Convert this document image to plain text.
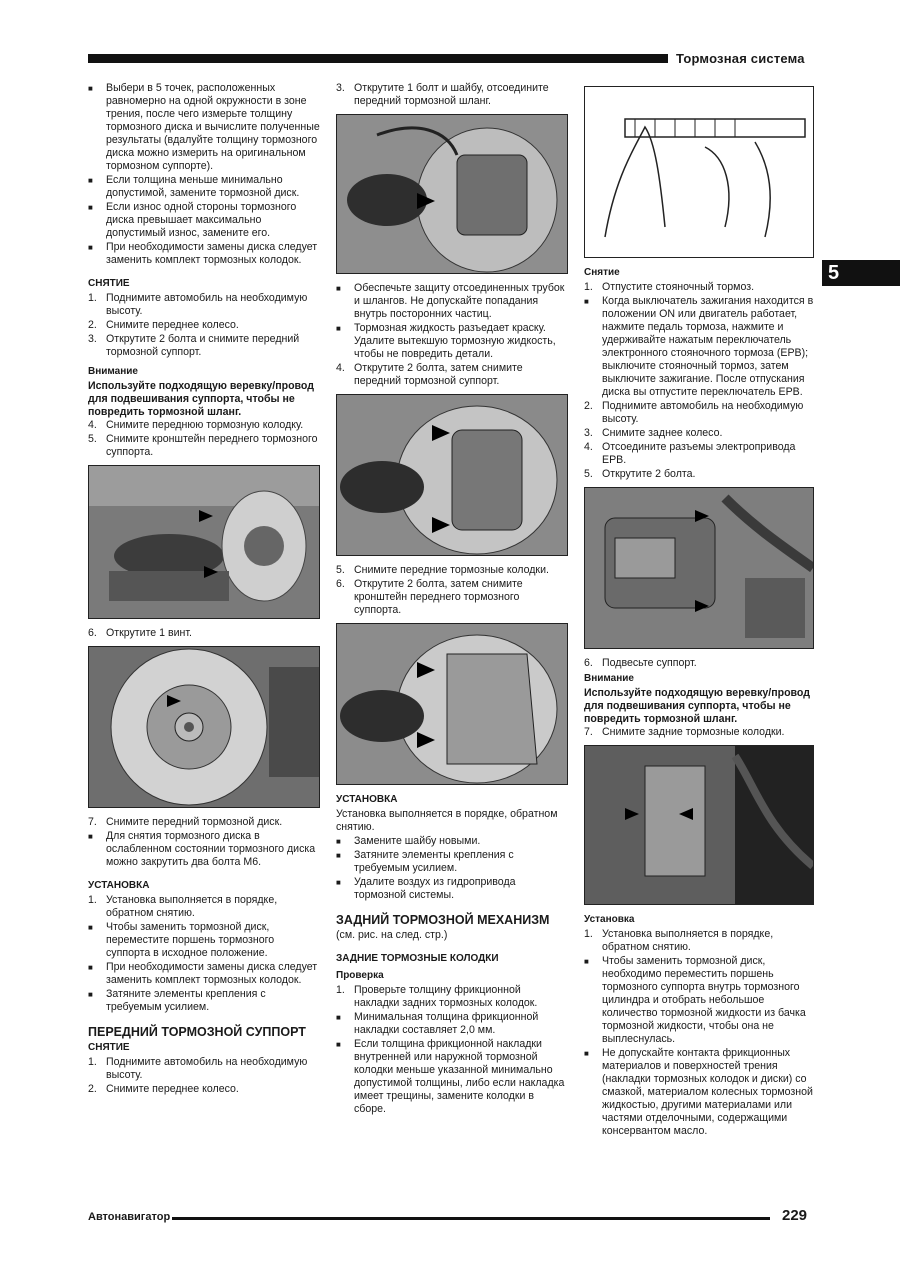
Тормозная система
5
■ Выбери в 5 точек, расположенных равномерно на одной окружности в зоне трения, после чего измерьте толщину тормозного диска и вычислите полученные результаты (вдалуйте толщину тормозного диска можно измерить на оригинальном тормозном суппорте).
■ Если толщина меньше минимально допустимой, замените тормозной диск.
■ Если износ одной стороны тормозного диска превышает максимально допустимый износ, замените его.
■ При необходимости замены диска следует заменить комплект тормозных колодок.
СНЯТИЕ
1. Поднимите автомобиль на необходимую высоту.
2. Снимите переднее колесо.
3. Открутите 2 болта и снимите передний тормозной суппорт.
Внимание
Используйте подходящую веревку/провод для подвешивания суппорта, чтобы не повредить тормозной шланг.
4. Снимите переднюю тормозную колодку.
5. Снимите кронштейн переднего тормозного суппорта.
6. Открутите 1 винт.
7. Снимите передний тормозной диск.
■ Для снятия тормозного диска в ослабленном состоянии тормозного диска можно закрутить два болта М6.
УСТАНОВКА
1. Установка выполняется в порядке, обратном снятию.
■ Чтобы заменить тормозной диск, переместите поршень тормозного суппорта в исходное положение.
■ При необходимости замены диска следует заменить комплект тормозных колодок.
■ Затяните элементы крепления с требуемым усилием.
ПЕРЕДНИЙ ТОРМОЗНОЙ СУППОРТ
СНЯТИЕ
1. Поднимите автомобиль на необходимую высоту.
2. Снимите переднее колесо.
3. Открутите 1 болт и шайбу, отсоедините передний тормозной шланг.
■ Обеспечьте защиту отсоединенных трубок и шлангов. Не допускайте попадания внутрь посторонних частиц.
■ Тормозная жидкость разъедает краску. Удалите вытекшую тормозную жидкость, чтобы не повредить детали.
4. Открутите 2 болта, затем снимите передний тормозной суппорт.
5. Снимите передние тормозные колодки.
6. Открутите 2 болта, затем снимите кронштейн переднего тормозного суппорта.
УСТАНОВКА

Установка выполняется в порядке, обратном снятию.

■ Замените шайбу новыми.
■ Затяните элементы крепления с требуемым усилием.
■ Удалите воздух из гидропривода тормозной системы.
ЗАДНИЙ ТОРМОЗНОЙ МЕХАНИЗМ

(см. рис. на след. стр.)

ЗАДНИЕ ТОРМОЗНЫЕ КОЛОДКИ
Проверка
1. Проверьте толщину фрикционной накладки задних тормозных колодок.
■ Минимальная толщина фрикционной накладки составляет 2,0 мм.
■ Если толщина фрикционной накладки внутренней или наружной тормозной колодки меньше указанной минимально допустимой толщины, либо если накладка имеет трещины, замените колодки в сборе.
Снятие
1. Отпустите стояночный тормоз.
■ Когда выключатель зажигания находится в положении ON или двигатель работает, нажмите педаль тормоза, нажмите и удерживайте нажатым переключатель электронного стояночного тормоза (EPB); выключите стояночный тормоз, затем выключите зажигание. После отпускания диска вы отпустите переключатель EPB.
2. Поднимите автомобиль на необходимую высоту.
3. Снимите заднее колесо.
4. Отсоедините разъемы электропривода EPB.
5. Открутите 2 болта.
6. Подвесьте суппорт.
Внимание
Используйте подходящую веревку/провод для подвешивания суппорта, чтобы не повредить тормозной шланг.
7. Снимите задние тормозные колодки.
Установка
1. Установка выполняется в порядке, обратном снятию.
■ Чтобы заменить тормозной диск, необходимо переместить поршень тормозного суппорта внутрь тормозного цилиндра и отобрать небольшое количество тормозной жидкости из бачка тормозной жидкости, чтобы она не выплеснулась.
■ Не допускайте контакта фрикционных материалов и поверхностей трения (накладки тормозных колодок и диски) со смазкой, материалом колесных тормозной жидкостью, другими материалами или частями отделочными, содержащими консервантом масло.
Автонавигатор	229
